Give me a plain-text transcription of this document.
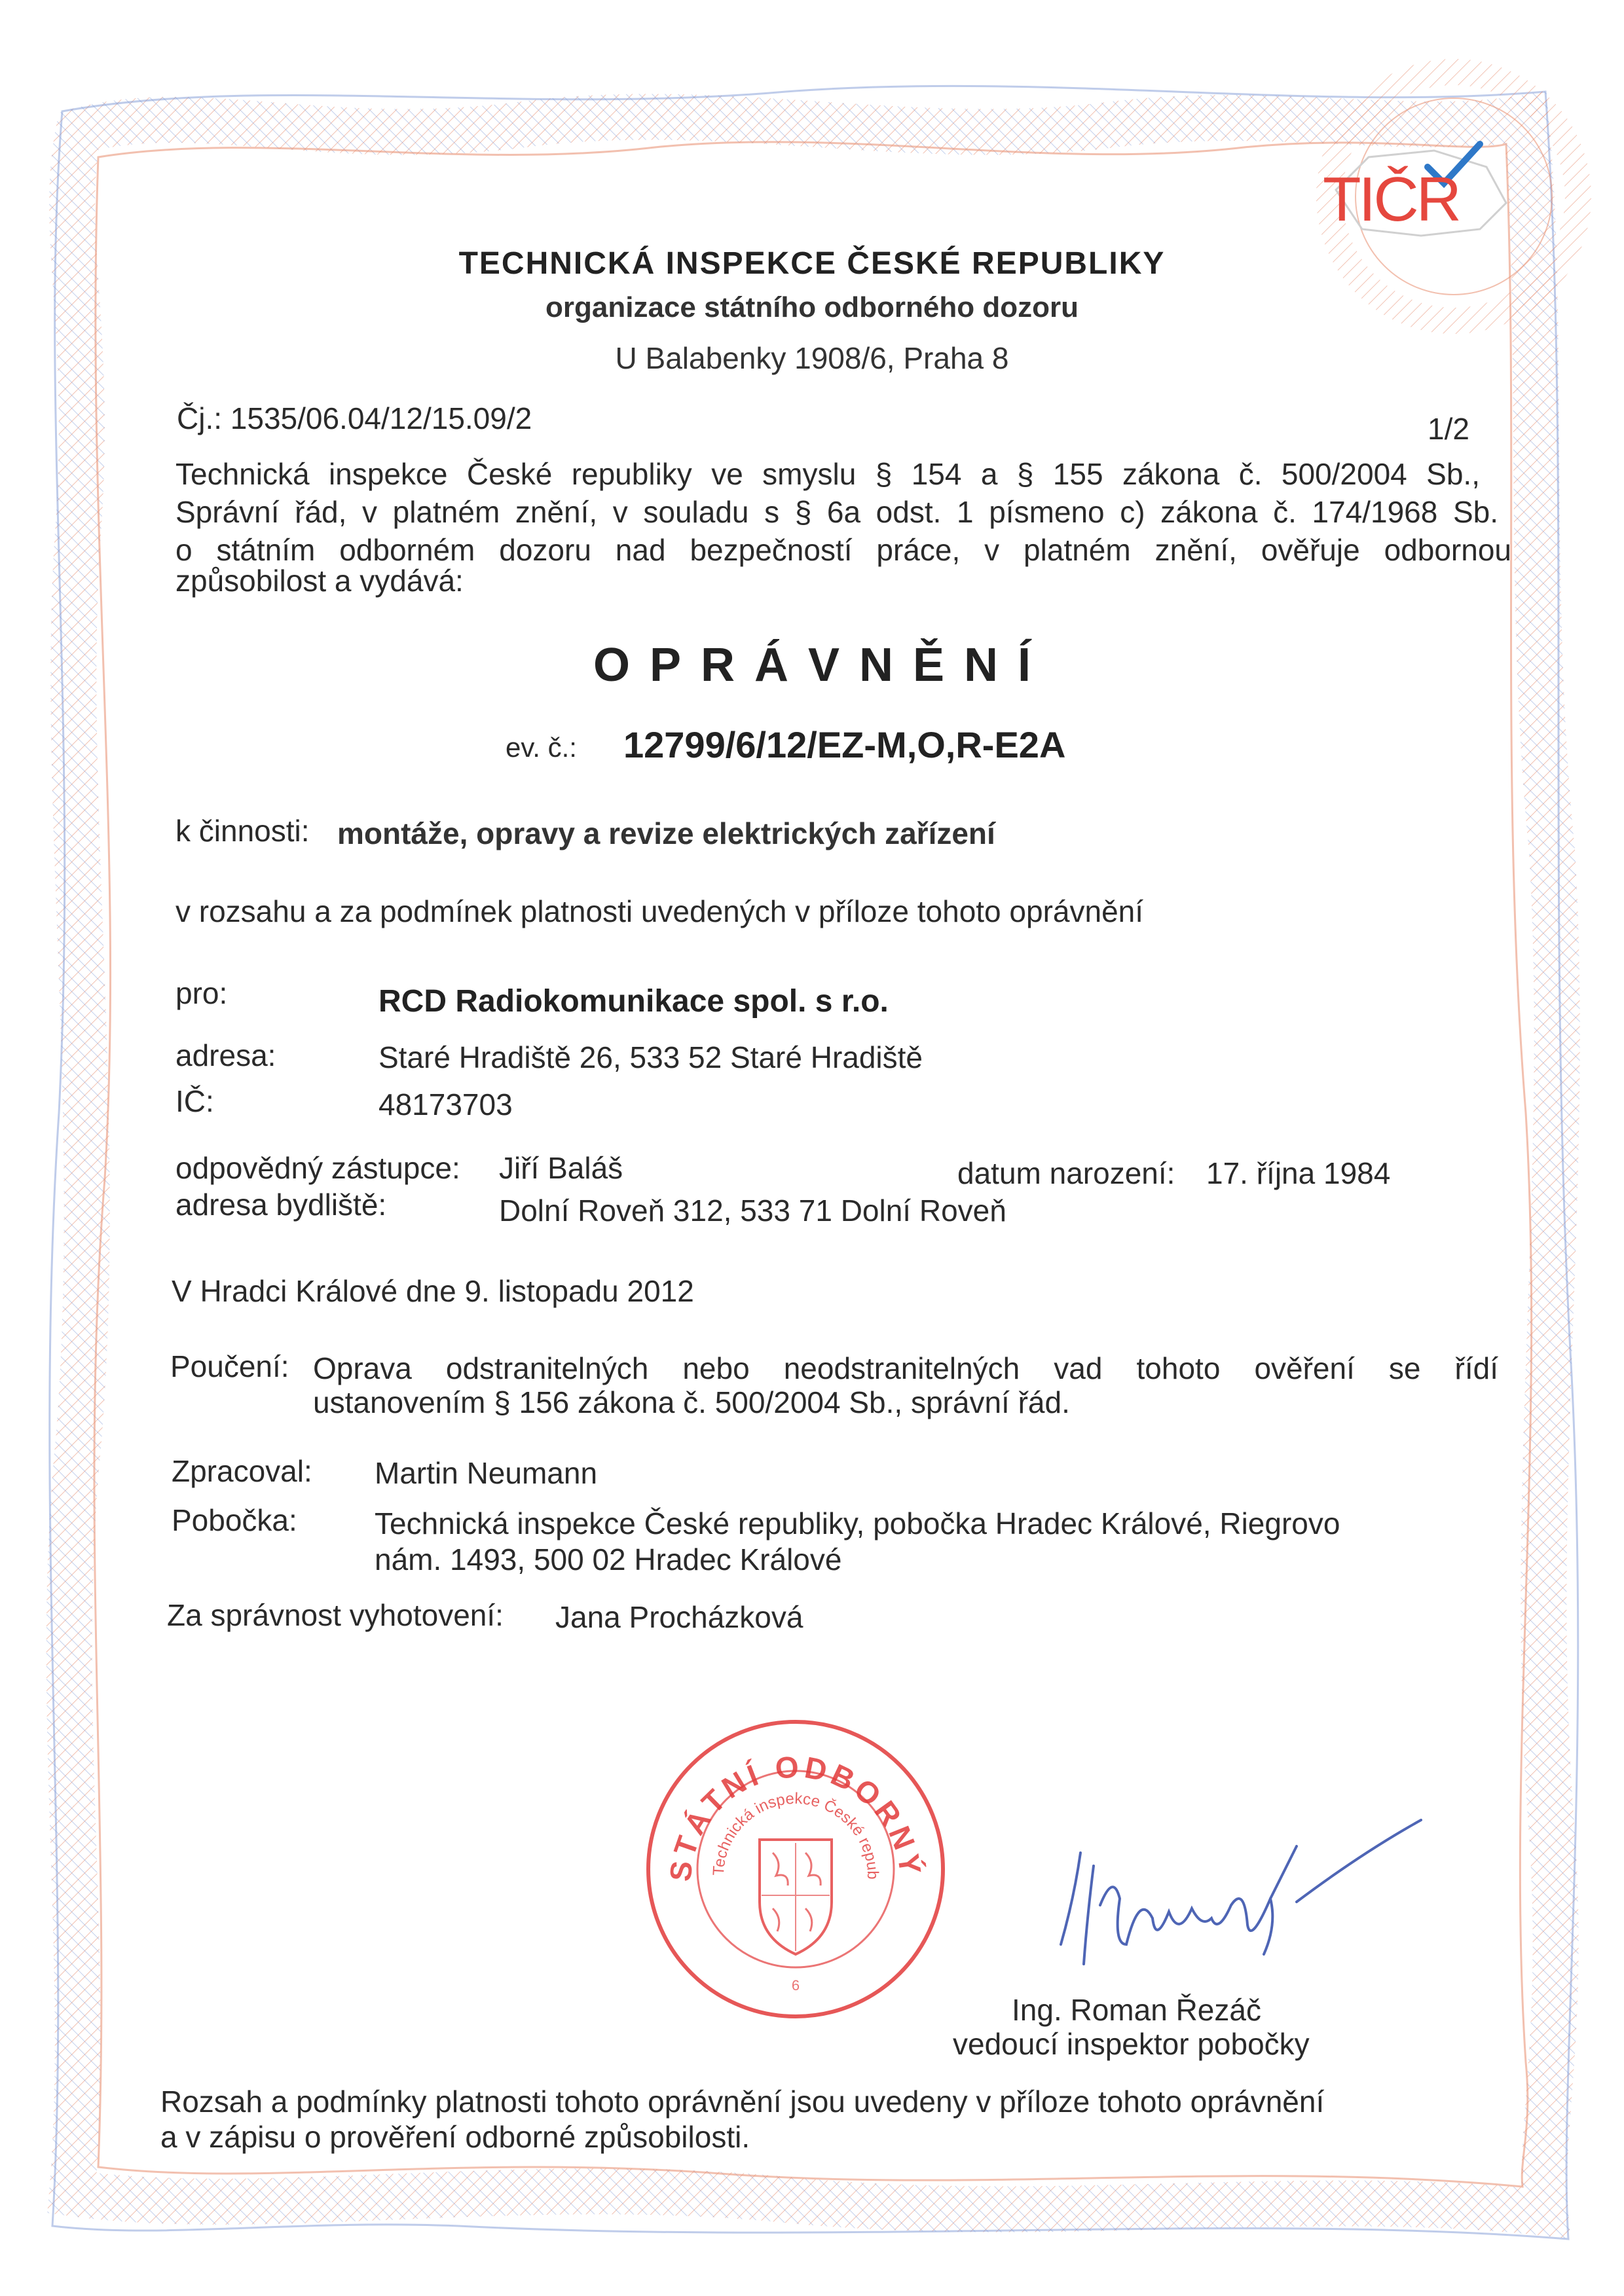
TIČR
TECHNICKÁ INSPEKCE ČESKÉ REPUBLIKY
organizace státního odborného dozoru
U Balabenky 1908/6, Praha 8
Čj.: 1535/06.04/12/15.09/2	1/2
Technická inspekce České republiky ve smyslu § 154 a § 155 zákona č. 500/2004 Sb.,
Správní řád, v platném znění, v souladu s § 6a odst. 1 písmeno c) zákona č. 174/1968 Sb.
o státním odborném dozoru nad bezpečností práce, v platném znění, ověřuje odbornou
způsobilost a vydává:
OPRÁVNĚNÍ
ev. č.: 12799/6/12/EZ-M,O,R-E2A
k činnosti: montáže, opravy a revize elektrických zařízení
v rozsahu a za podmínek platnosti uvedených v příloze tohoto oprávnění
pro:	RCD Radiokomunikace spol. s r.o.
adresa:	Staré Hradiště 26, 533 52 Staré Hradiště
IČ:	48173703
odpovědný zástupce: Jiří Baláš	datum narození: 17. října 1984
adresa bydliště:	Dolní Roveň 312, 533 71 Dolní Roveň
V Hradci Králové dne 9. listopadu 2012
Poučení: Oprava odstranitelných nebo neodstranitelných vad tohoto ověření se řídí
ustanovením § 156 zákona č. 500/2004 Sb., správní řád.
Zpracoval: Martin Neumann
Pobočka:	Technická inspekce České republiky, pobočka Hradec Králové, Riegrovo
nám. 1493, 500 02 Hradec Králové
Za správnost vyhotovení: Jana Procházková
STÁTNÍ ODBORNÝ
Technická inspekce České repub
6
Ing. Roman Řezáč
vedoucí inspektor pobočky
Rozsah a podmínky platnosti tohoto oprávnění jsou uvedeny v příloze tohoto oprávnění
a v zápisu o prověření odborné způsobilosti.
